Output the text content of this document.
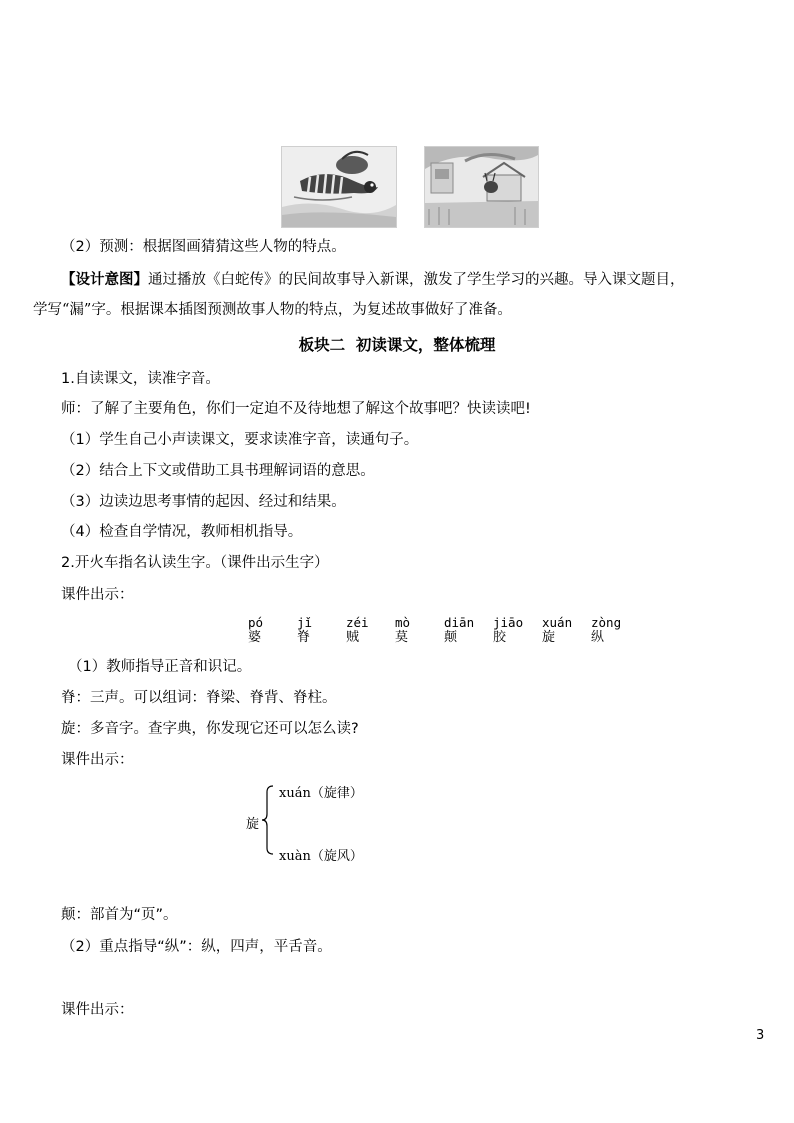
（2）预测：根据图画猜猜这些人物的特点。
【设计意图】通过播放《白蛇传》的民间故事导入新课，激发了学生学习的兴趣。导入课文题目，
学写“漏”字。根据课本插图预测故事人物的特点，为复述故事做好了准备。
板块二  初读课文，整体梳理
1.自读课文，读准字音。
师：了解了主要角色，你们一定迫不及待地想了解这个故事吧？快读读吧!
（1）学生自己小声读课文，要求读准字音，读通句子。
（2）结合上下文或借助工具书理解词语的意思。
（3）边读边思考事情的起因、经过和结果。
（4）检查自学情况，教师相机指导。
2.开火车指名认读生字。（课件出示生字）
课件出示：
pó
婆
jǐ
脊
zéi
贼
mò
莫
diān
颠
jiāo
胶
xuán
旋
zòng
纵
（1）教师指导正音和识记。
脊：三声。可以组词：脊梁、脊背、脊柱。
旋：多音字。查字典，你发现它还可以怎么读?
课件出示：
旋
xuán（旋律）
xuàn（旋风）
颠：部首为“页”。
（2）重点指导“纵”：纵，四声，平舌音。
课件出示：
3
